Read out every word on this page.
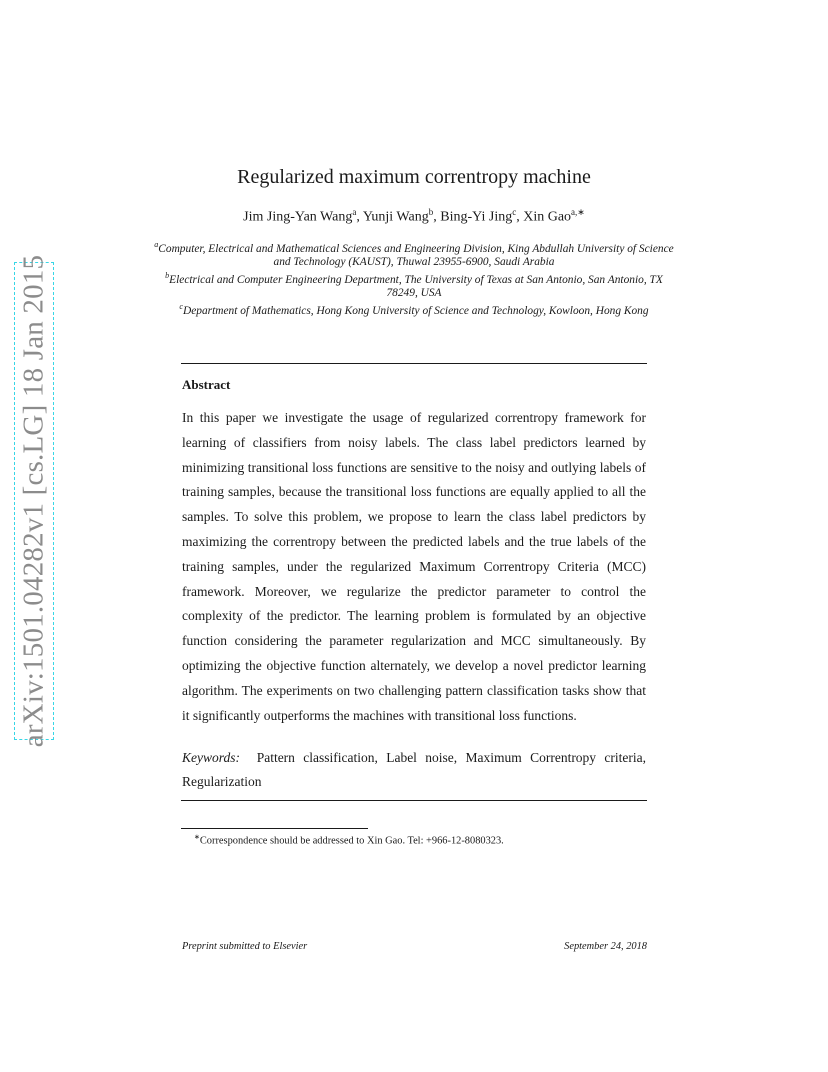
arXiv:1501.04282v1 [cs.LG] 18 Jan 2015
Regularized maximum correntropy machine
Jim Jing-Yan Wang$^a$, Yunji Wang$^b$, Bing-Yi Jing$^c$, Xin Gao$^{a,∗}$
$^a$Computer, Electrical and Mathematical Sciences and Engineering Division, King Abdullah University of Science and Technology (KAUST), Thuwal 23955-6900, Saudi Arabia
$^b$Electrical and Computer Engineering Department, The University of Texas at San Antonio, San Antonio, TX 78249, USA
$^c$Department of Mathematics, Hong Kong University of Science and Technology, Kowloon, Hong Kong
Abstract
In this paper we investigate the usage of regularized correntropy framework for learning of classifiers from noisy labels. The class label predictors learned by minimizing transitional loss functions are sensitive to the noisy and outlying labels of training samples, because the transitional loss functions are equally applied to all the samples. To solve this problem, we propose to learn the class label predictors by maximizing the correntropy between the predicted labels and the true labels of the training samples, under the regularized Maximum Correntropy Criteria (MCC) framework. Moreover, we regularize the predictor parameter to control the complexity of the predictor. The learning problem is formulated by an objective function considering the parameter regularization and MCC simultaneously. By optimizing the objective function alternately, we develop a novel predictor learning algorithm. The experiments on two challenging pattern classification tasks show that it significantly outperforms the machines with transitional loss functions.
Keywords: Pattern classification, Label noise, Maximum Correntropy criteria, Regularization
∗Correspondence should be addressed to Xin Gao. Tel: +966-12-8080323.
Preprint submitted to Elsevier	September 24, 2018
